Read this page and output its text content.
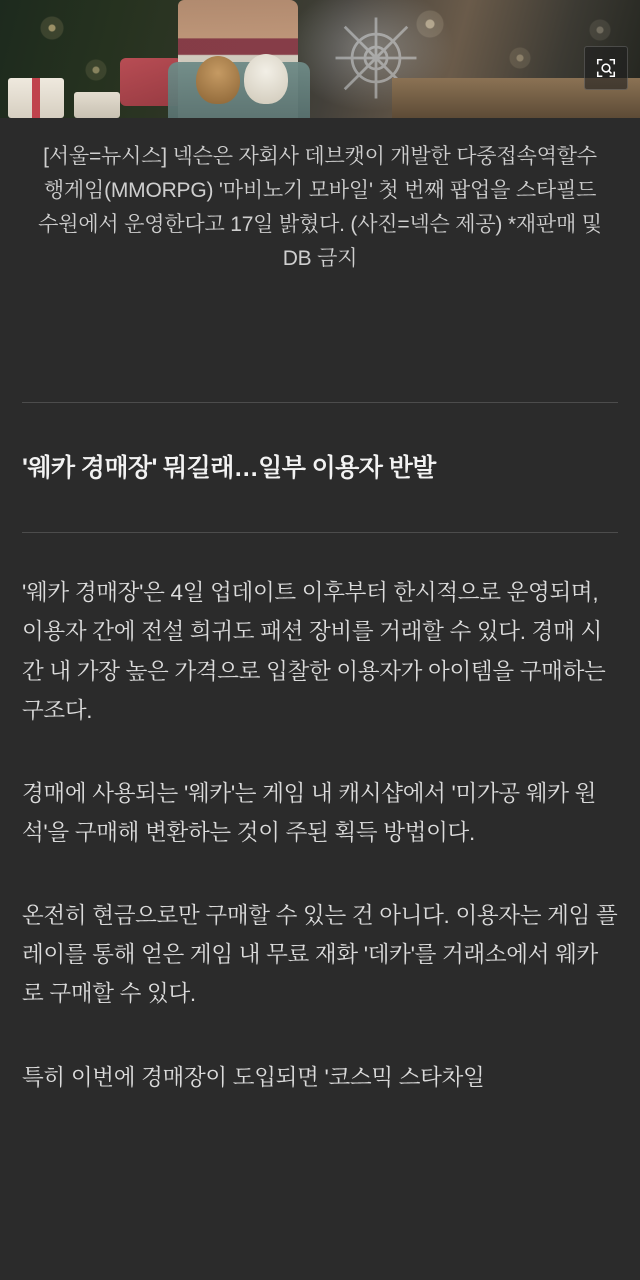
[서울=뉴시스] 넥슨은 자회사 데브캣이 개발한 다중접속역할수행게임(MMORPG) '마비노기 모바일' 첫 번째 팝업을 스타필드 수원에서 운영한다고 17일 밝혔다. (사진=넥슨 제공) *재판매 및 DB 금지
'웨카 경매장' 뭐길래…일부 이용자 반발

'웨카 경매장'은 4일 업데이트 이후부터 한시적으로 운영되며, 이용자 간에 전설 희귀도 패션 장비를 거래할 수 있다. 경매 시간 내 가장 높은 가격으로 입찰한 이용자가 아이템을 구매하는 구조다.

경매에 사용되는 '웨카'는 게임 내 캐시샵에서 '미가공 웨카 원석'을 구매해 변환하는 것이 주된 획득 방법이다.

온전히 현금으로만 구매할 수 있는 건 아니다. 이용자는 게임 플레이를 통해 얻은 게임 내 무료 재화 '데카'를 거래소에서 웨카로 구매할 수 있다.

특히 이번에 경매장이 도입되면 '코스믹 스타차일
